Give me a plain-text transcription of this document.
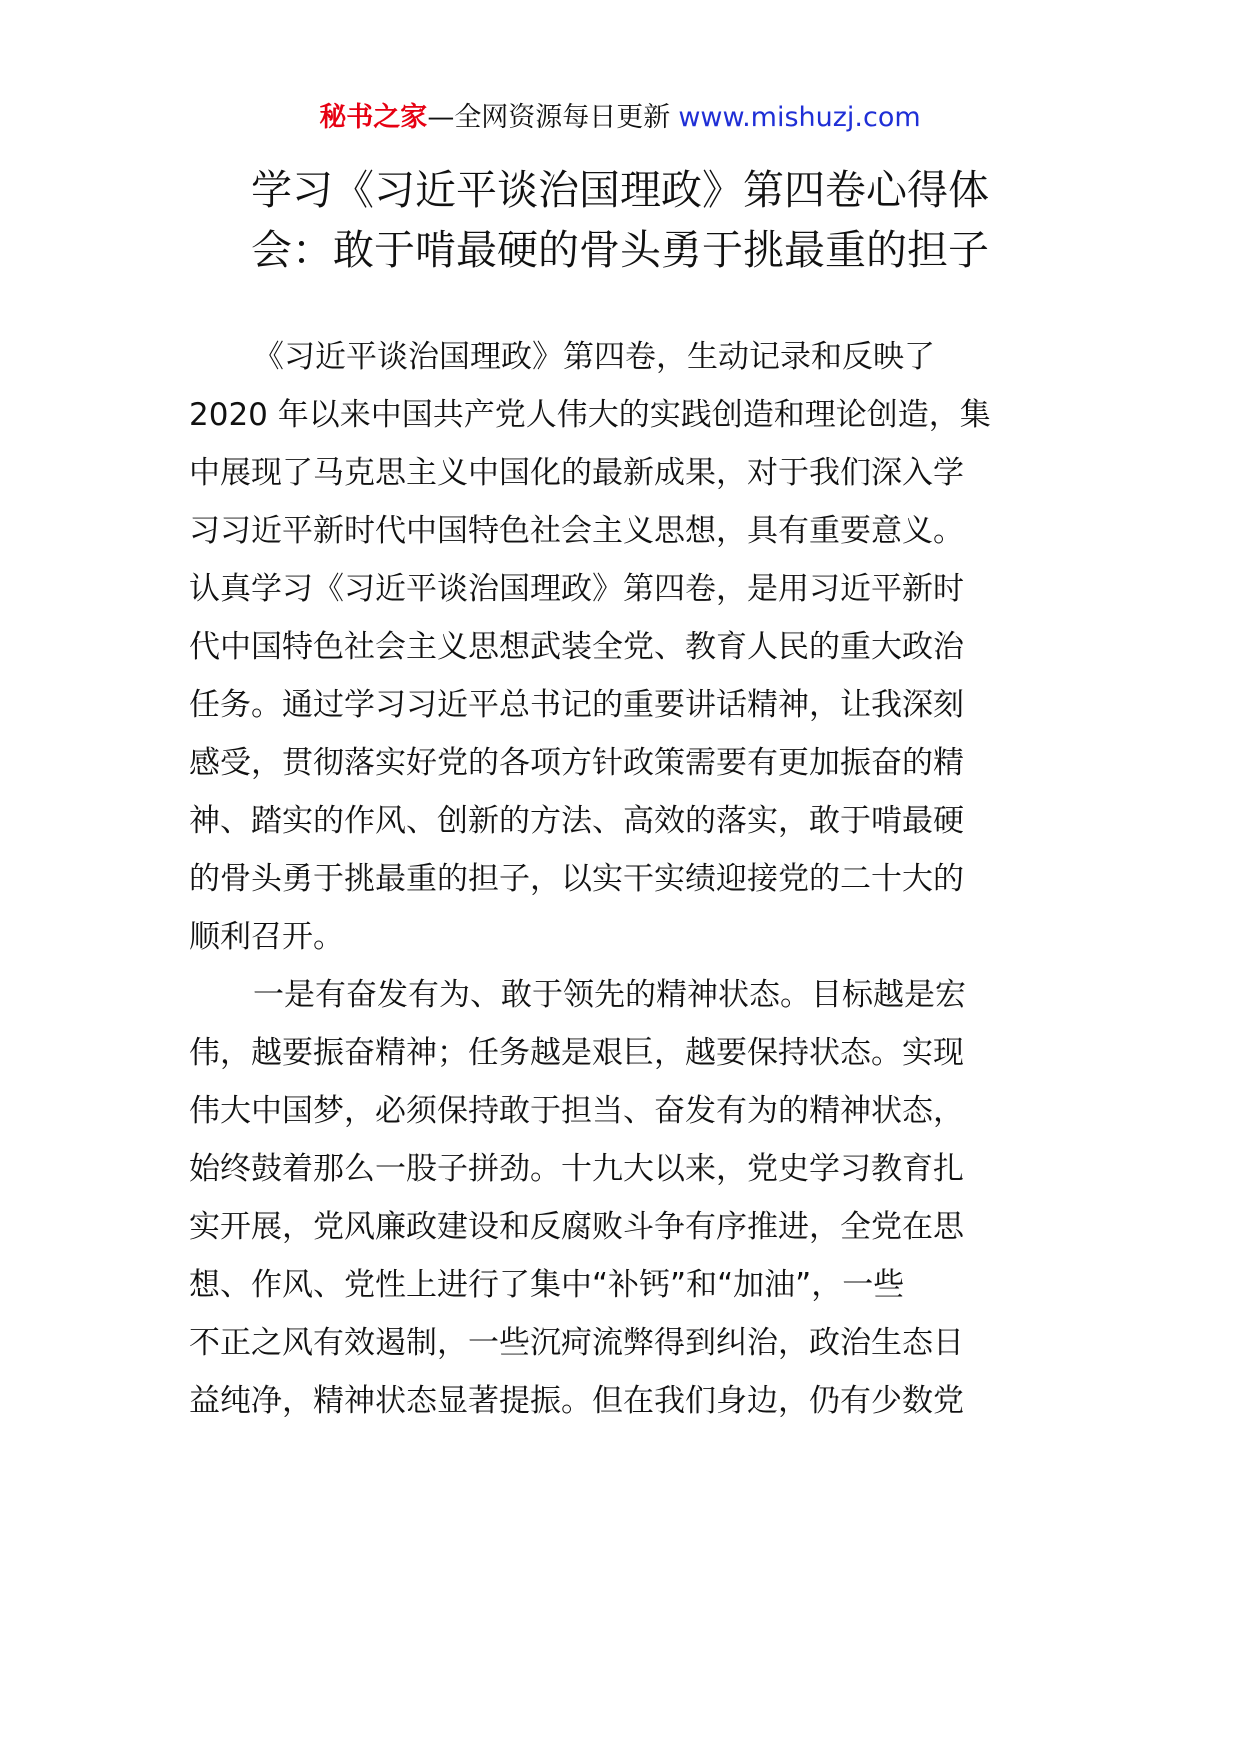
秘书之家—全网资源每日更新 www.mishuzj.com
学习《习近平谈治国理政》第四卷心得体
会：敢于啃最硬的骨头勇于挑最重的担子
《习近平谈治国理政》第四卷，生动记录和反映了
2020 年以来中国共产党人伟大的实践创造和理论创造，集
中展现了马克思主义中国化的最新成果，对于我们深入学
习习近平新时代中国特色社会主义思想，具有重要意义。
认真学习《习近平谈治国理政》第四卷，是用习近平新时
代中国特色社会主义思想武装全党、教育人民的重大政治
任务。通过学习习近平总书记的重要讲话精神，让我深刻
感受，贯彻落实好党的各项方针政策需要有更加振奋的精
神、踏实的作风、创新的方法、高效的落实，敢于啃最硬
的骨头勇于挑最重的担子，以实干实绩迎接党的二十大的
顺利召开。
一是有奋发有为、敢于领先的精神状态。目标越是宏
伟，越要振奋精神；任务越是艰巨，越要保持状态。实现
伟大中国梦，必须保持敢于担当、奋发有为的精神状态，
始终鼓着那么一股子拼劲。十九大以来，党史学习教育扎
实开展，党风廉政建设和反腐败斗争有序推进，全党在思
想、作风、党性上进行了集中“补钙”和“加油”，一些
不正之风有效遏制，一些沉疴流弊得到纠治，政治生态日
益纯净，精神状态显著提振。但在我们身边，仍有少数党
